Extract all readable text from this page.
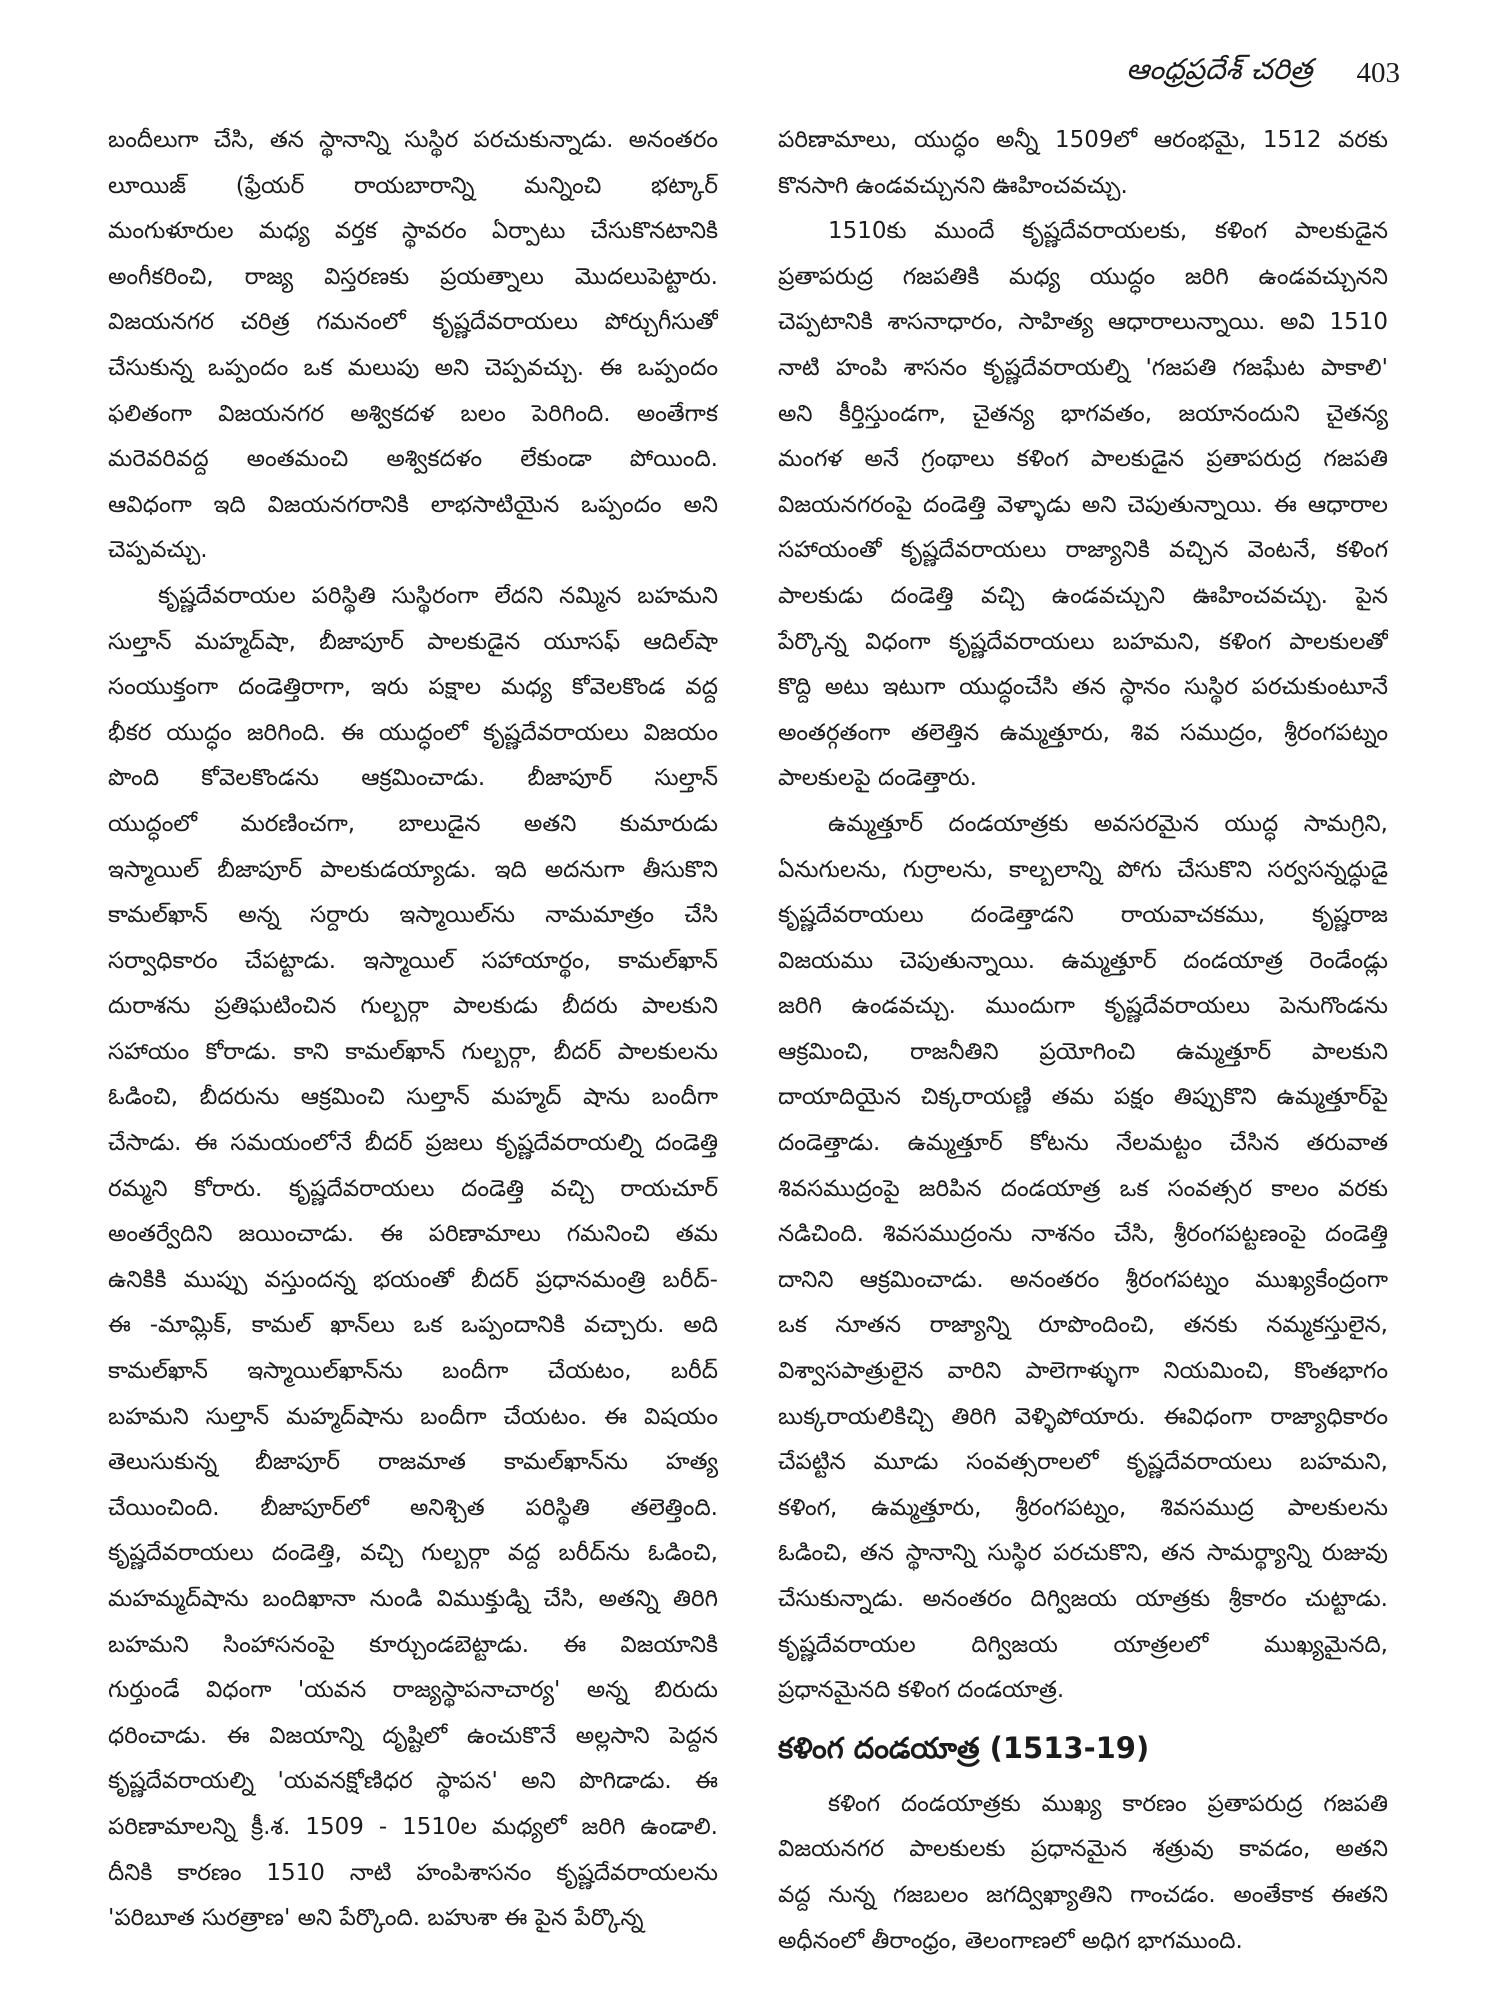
ఆంధ్రప్రదేశ్ చరిత్ర 403
బందీలుగా చేసి, తన స్థానాన్ని సుస్థిర పరచుకున్నాడు. అనంతరం
లూయిజ్ (ఫ్రేయర్ రాయబారాన్ని మన్నించి భట్కార్
మంగుళూరుల మధ్య వర్తక స్థావరం ఏర్పాటు చేసుకొనటానికి
అంగీకరించి, రాజ్య విస్తరణకు ప్రయత్నాలు మొదలుపెట్టారు.
విజయనగర చరిత్ర గమనంలో కృష్ణదేవరాయలు పోర్చుగీసుతో
చేసుకున్న ఒప్పందం ఒక మలుపు అని చెప్పవచ్చు. ఈ ఒప్పందం
ఫలితంగా విజయనగర అశ్వికదళ బలం పెరిగింది. అంతేగాక
మరెవరివద్ద అంతమంచి అశ్వికదళం లేకుండా పోయింది.
ఆవిధంగా ఇది విజయనగరానికి లాభసాటియైన ఒప్పందం అని
చెప్పవచ్చు.
కృష్ణదేవరాయల పరిస్థితి సుస్థిరంగా లేదని నమ్మిన బహమని
సుల్తాన్ మహ్మద్‌షా, బీజాపూర్ పాలకుడైన యూసఫ్ ఆదిల్‌షా
సంయుక్తంగా దండెత్తిరాగా, ఇరు పక్షాల మధ్య కోవెలకొండ వద్ద
భీకర యుద్ధం జరిగింది. ఈ యుద్ధంలో కృష్ణదేవరాయలు విజయం
పొంది కోవెలకొండను ఆక్రమించాడు. బీజాపూర్ సుల్తాన్
యుద్ధంలో మరణించగా, బాలుడైన అతని కుమారుడు
ఇస్మాయిల్ బీజాపూర్ పాలకుడయ్యాడు. ఇది అదనుగా తీసుకొని
కామల్‌ఖాన్ అన్న సర్దారు ఇస్మాయిల్‌ను నామమాత్రం చేసి
సర్వాధికారం చేపట్టాడు. ఇస్మాయిల్ సహాయార్థం, కామల్‌ఖాన్
దురాశను ప్రతిఘటించిన గుల్బర్గా పాలకుడు బీదరు పాలకుని
సహాయం కోరాడు. కాని కామల్‌ఖాన్ గుల్బర్గా, బీదర్ పాలకులను
ఓడించి, బీదరును ఆక్రమించి సుల్తాన్ మహ్మద్ షాను బందీగా
చేసాడు. ఈ సమయంలోనే బీదర్ ప్రజలు కృష్ణదేవరాయల్ని దండెత్తి
రమ్మని కోరారు. కృష్ణదేవరాయలు దండెత్తి వచ్చి రాయచూర్
అంతర్వేదిని జయించాడు. ఈ పరిణామాలు గమనించి తమ
ఉనికికి ముప్పు వస్తుందన్న భయంతో బీదర్ ప్రధానమంత్రి బరీద్-
ఈ -మామ్లిక్, కామల్ ఖాన్‌లు ఒక ఒప్పందానికి వచ్చారు. అది
కామల్‌ఖాన్ ఇస్మాయిల్‌ఖాన్‌ను బందీగా చేయటం, బరీద్
బహమని సుల్తాన్ మహ్మద్‌షాను బందీగా చేయటం. ఈ విషయం
తెలుసుకున్న బీజాపూర్ రాజమాత కామల్‌ఖాన్‌ను హత్య
చేయించింది. బీజాపూర్‌లో అనిశ్చిత పరిస్థితి తలెత్తింది.
కృష్ణదేవరాయలు దండెత్తి, వచ్చి గుల్బర్గా వద్ద బరీద్‌ను ఓడించి,
మహమ్మద్‌షాను బందిఖానా నుండి విముక్తుడ్ని చేసి, అతన్ని తిరిగి
బహమని సింహాసనంపై కూర్చుండబెట్టాడు. ఈ విజయానికి
గుర్తుండే విధంగా 'యవన రాజ్యస్థాపనాచార్య' అన్న బిరుదు
ధరించాడు. ఈ విజయాన్ని దృష్టిలో ఉంచుకొనే అల్లసాని పెద్దన
కృష్ణదేవరాయల్ని 'యవనక్షోణిధర స్థాపన' అని పొగిడాడు. ఈ
పరిణామాలన్ని క్రీ.శ. 1509 - 1510ల మధ్యలో జరిగి ఉండాలి.
దీనికి కారణం 1510 నాటి హంపిశాసనం కృష్ణదేవరాయలను
'పరిబూత సురత్రాణ' అని పేర్కొంది. బహుశా ఈ పైన పేర్కొన్న
పరిణామాలు, యుద్ధం అన్నీ 1509లో ఆరంభమై, 1512 వరకు
కొనసాగి ఉండవచ్చునని ఊహించవచ్చు.
1510కు ముందే కృష్ణదేవరాయలకు, కళింగ పాలకుడైన
ప్రతాపరుద్ర గజపతికి మధ్య యుద్ధం జరిగి ఉండవచ్చునని
చెప్పటానికి శాసనాధారం, సాహిత్య ఆధారాలున్నాయి. అవి 1510
నాటి హంపి శాసనం కృష్ణదేవరాయల్ని 'గజపతి గజఘేట పాకాలి'
అని కీర్తిస్తుండగా, చైతన్య భాగవతం, జయానందుని చైతన్య
మంగళ అనే గ్రంథాలు కళింగ పాలకుడైన ప్రతాపరుద్ర గజపతి
విజయనగరంపై దండెత్తి వెళ్ళాడు అని చెపుతున్నాయి. ఈ ఆధారాల
సహాయంతో కృష్ణదేవరాయలు రాజ్యానికి వచ్చిన వెంటనే, కళింగ
పాలకుడు దండెత్తి వచ్చి ఉండవచ్చుని ఊహించవచ్చు. పైన
పేర్కొన్న విధంగా కృష్ణదేవరాయలు బహమని, కళింగ పాలకులతో
కొద్ది అటు ఇటుగా యుద్ధంచేసి తన స్థానం సుస్థిర పరచుకుంటూనే
అంతర్గతంగా తలెత్తిన ఉమ్మత్తూరు, శివ సముద్రం, శ్రీరంగపట్నం
పాలకులపై దండెత్తారు.
ఉమ్మత్తూర్ దండయాత్రకు అవసరమైన యుద్ధ సామగ్రిని,
ఏనుగులను, గుర్రాలను, కాల్బలాన్ని పోగు చేసుకొని సర్వసన్నద్ధుడై
కృష్ణదేవరాయలు దండెత్తాడని రాయవాచకము, కృష్ణరాజ
విజయము చెపుతున్నాయి. ఉమ్మత్తూర్ దండయాత్ర రెండేండ్లు
జరిగి ఉండవచ్చు. ముందుగా కృష్ణదేవరాయలు పెనుగొండను
ఆక్రమించి, రాజనీతిని ప్రయోగించి ఉమ్మత్తూర్ పాలకుని
దాయాదియైన చిక్కరాయణ్ణి తమ పక్షం తిప్పుకొని ఉమ్మత్తూర్‌పై
దండెత్తాడు. ఉమ్మత్తూర్ కోటను నేలమట్టం చేసిన తరువాత
శివసముద్రంపై జరిపిన దండయాత్ర ఒక సంవత్సర కాలం వరకు
నడిచింది. శివసముద్రంను నాశనం చేసి, శ్రీరంగపట్టణంపై దండెత్తి
దానిని ఆక్రమించాడు. అనంతరం శ్రీరంగపట్నం ముఖ్యకేంద్రంగా
ఒక నూతన రాజ్యాన్ని రూపొందించి, తనకు నమ్మకస్తులైన,
విశ్వాసపాత్రులైన వారిని పాలెగాళ్ళుగా నియమించి, కొంతభాగం
బుక్కరాయలికిచ్చి తిరిగి వెళ్ళిపోయారు. ఈవిధంగా రాజ్యాధికారం
చేపట్టిన మూడు సంవత్సరాలలో కృష్ణదేవరాయలు బహమని,
కళింగ, ఉమ్మత్తూరు, శ్రీరంగపట్నం, శివసముద్ర పాలకులను
ఓడించి, తన స్థానాన్ని సుస్థిర పరచుకొని, తన సామర్థ్యాన్ని రుజువు
చేసుకున్నాడు. అనంతరం దిగ్విజయ యాత్రకు శ్రీకారం చుట్టాడు.
కృష్ణదేవరాయల దిగ్విజయ యాత్రలలో ముఖ్యమైనది,
ప్రధానమైనది కళింగ దండయాత్ర.
కళింగ దండయాత్ర (1513-19)
కళింగ దండయాత్రకు ముఖ్య కారణం ప్రతాపరుద్ర గజపతి
విజయనగర పాలకులకు ప్రధానమైన శత్రువు కావడం, అతని
వద్ద నున్న గజబలం జగద్విఖ్యాతిని గాంచడం. అంతేకాక ఈతని
అధీనంలో తీరాంధ్రం, తెలంగాణలో అధిగ భాగముంది.
